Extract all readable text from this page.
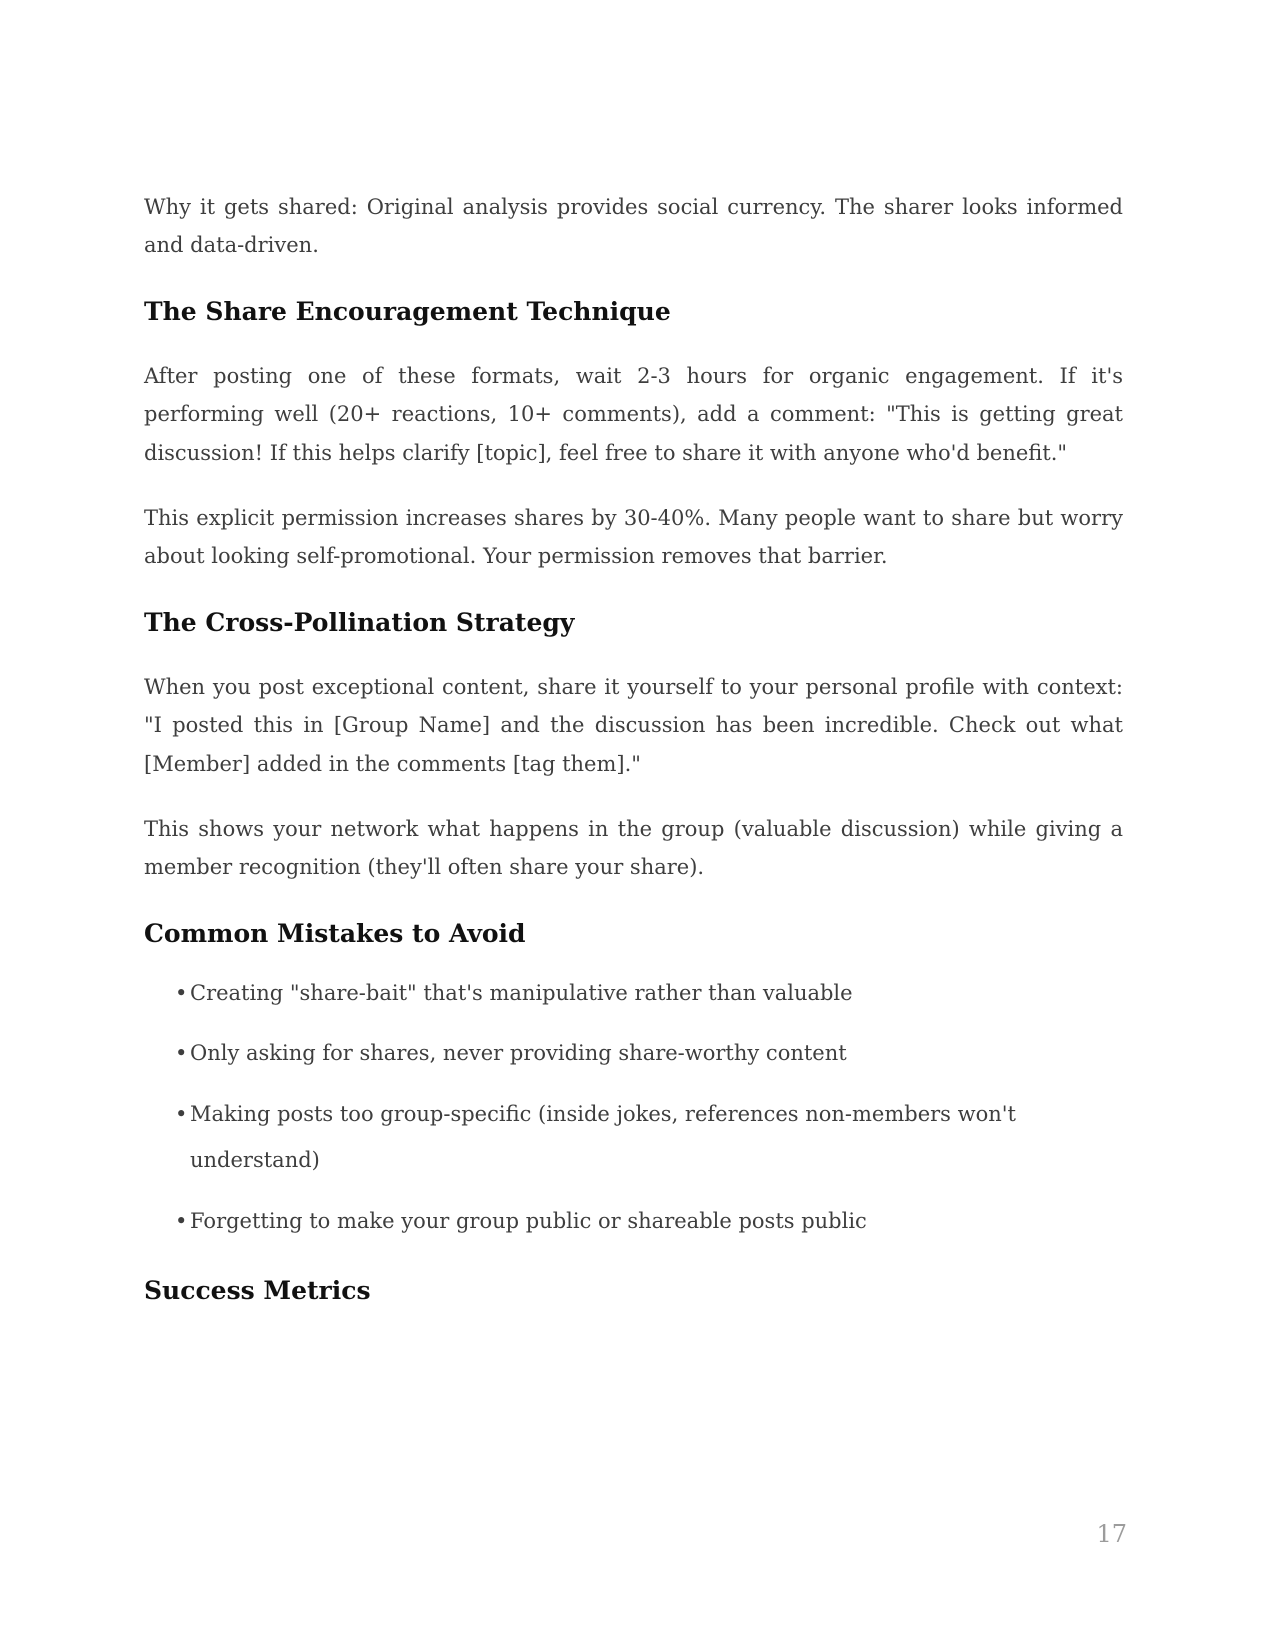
Why it gets shared: Original analysis provides social currency. The sharer looks informed and data-driven.

The Share Encouragement Technique

After posting one of these formats, wait 2-3 hours for organic engagement. If it's performing well (20+ reactions, 10+ comments), add a comment: "This is getting great discussion! If this helps clarify [topic], feel free to share it with anyone who'd benefit."

This explicit permission increases shares by 30-40%. Many people want to share but worry about looking self-promotional. Your permission removes that barrier.

The Cross-Pollination Strategy

When you post exceptional content, share it yourself to your personal profile with context: "I posted this in [Group Name] and the discussion has been incredible. Check out what [Member] added in the comments [tag them]."

This shows your network what happens in the group (valuable discussion) while giving a member recognition (they'll often share your share).

Common Mistakes to Avoid
• Creating "share-bait" that's manipulative rather than valuable
• Only asking for shares, never providing share-worthy content
• Making posts too group-specific (inside jokes, references non-members won't understand)
• Forgetting to make your group public or shareable posts public
Success Metrics
17
